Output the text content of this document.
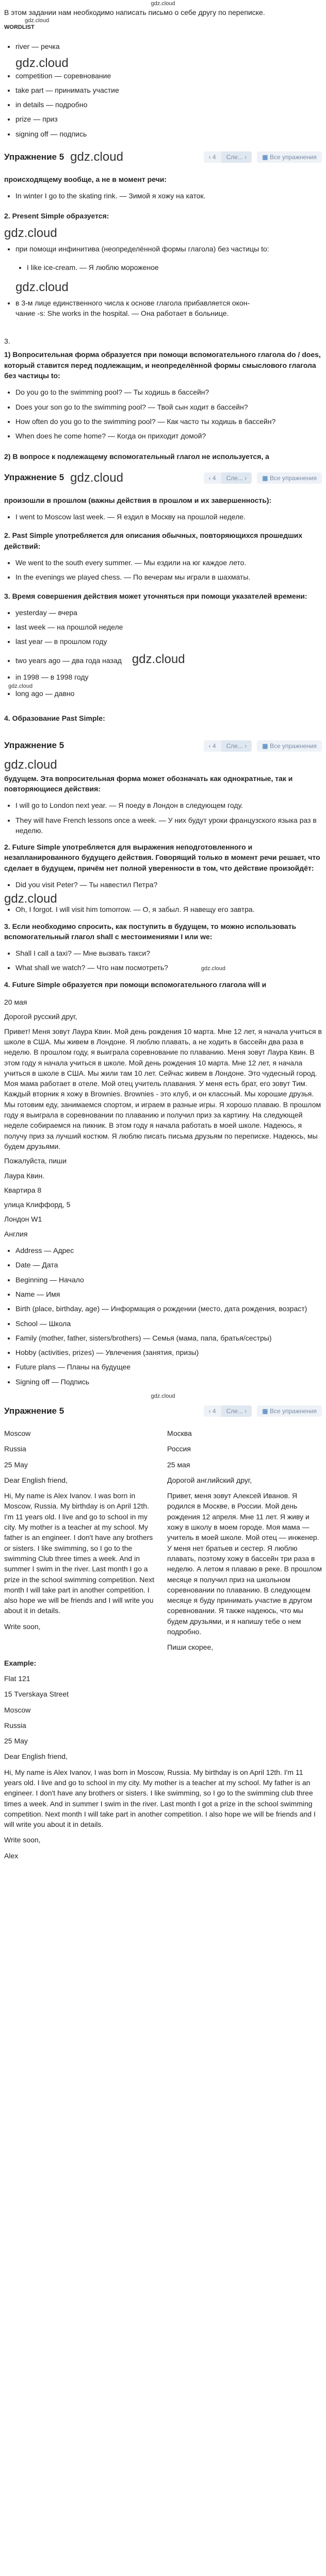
gdz.cloud

В этом задании нам необходимо написать письмо о себе другу по переписке.

gdz.cloud
WORDLIST
• river — речка
gdz.cloud
• competition — соревнование
• take part — принимать участие
• in details — подробно
• prize — приз
• signing off — подпись
Упражнение 5 gdz.cloud	‹ 4	Сле... ›	▦ Все упражнения

происходящему вообще, а не в момент речи:

• In winter I go to the skating rink. — Зимой я хожу на каток.

2. Present Simple образуется:

gdz.cloud
• при помощи инфинитива (неопределённой формы глагола) без частицы to:
• I like ice-cream. — Я люблю мороженое
gdz.cloud
• в 3-м лице единственного числа к основе глагола прибавляется окон-
чание -s: She works in the hospital. — Она работает в больнице.

3.

1) Вопросительная форма образуется при помощи вспомогательного глагола do / does, который ставится перед подлежащим, и неопределённой формы смыслового глагола без частицы to:

• Do you go to the swimming pool? — Ты ходишь в бассейн?
• Does your son go to the swimming pool? — Твой сын ходит в бассейн?
• How often do you go to the swimming pool? — Как часто ты ходишь в бассейн?
• When does he come home? — Когда он приходит домой?

2) В вопросе к подлежащему вспомогательный глагол не используется, а

Упражнение 5 gdz.cloud	‹ 4	Сле... ›	▦ Все упражнения

произошли в прошлом (важны действия в прошлом и их завершенность):

• I went to Moscow last week. — Я ездил в Москву на прошлой неделе.

2. Past Simple употребляется для описания обычных, повторяющихся прошедших действий:

• We went to the south every summer. — Мы ездили на юг каждое лето.
• In the evenings we played chess. — По вечерам мы играли в шахматы.

3. Время совершения действия может уточняться при помощи указателей времени:

• yesterday — вчера
• last week — на прошлой неделе
• last year — в прошлом году
• two years ago — два года назад gdz.cloud
• in 1998 — в 1998 году
gdz.cloud
• long ago — давно

4. Образование Past Simple:

Упражнение 5	‹ 4	Сле... ›	▦ Все упражнения
gdz.cloud

будущем. Эта вопросительная форма может обозначать как однократные, так и повторяющиеся действия:

• I will go to London next year. — Я поеду в Лондон в следующем году.
• They will have French lessons once a week. — У них будут уроки французского языка раз в неделю.

2. Future Simple употребляется для выражения неподготовленного и незапланированного будущего действия. Говорящий только в момент речи решает, что сделает в будущем, причём нет полной уверенности в том, что действие произойдёт:

• Did you visit Peter? — Ты навестил Петра?
gdz.cloud
• Oh, I forgot. I will visit him tomorrow. — О, я забыл. Я навещу его завтра.

3. Если необходимо спросить, как поступить в будущем, то можно использовать вспомогательный глагол shall с местоимениями I или we:

• Shall I call a taxi? — Мне вызвать такси?
• What shall we watch? — Что нам посмотреть?	gdz.cloud

4. Future Simple образуется при помощи вспомогательного глагола will и

20 мая

Дорогой русский друг,

Привет! Меня зовут Лаура Квин. Мой день рождения 10 марта. Мне 12 лет, я начала учиться в школе в США. Мы живем в Лондоне. Я люблю плавать, а не ходить в бассейн два раза в неделю. В прошлом году, я выиграла соревнование по плаванию. Меня зовут Лаура Квин. В этом году я начала учиться в школе. Мой день рождения 10 марта. Мне 12 лет, я начала учиться в школе в США. Мы жили там 10 лет. Сейчас живем в Лондоне. Это чудесный город. Моя мама работает в отеле. Мой отец учитель плавания. У меня есть брат, его зовут Тим. Каждый вторник я хожу в Brownies. Brownies - это клуб, и он классный. Мы хорошие друзья. Мы готовим еду, занимаемся спортом, и играем в разные игры. Я хорошо плаваю. В прошлом году я выиграла в соревновании по плаванию и получил приз за картину. На следующей неделе собираемся на пикник. В этом году я начала работать в моей школе. Надеюсь, я получу приз за лучший костюм. Я люблю писать письма друзьям по переписке. Надеюсь, мы будем друзьями.

Пожалуйста, пиши

Лаура Квин.

Квартира 8

улица Клиффорд, 5

Лондон W1

Англия

• Address — Адрес
• Date — Дата
• Beginning — Начало
• Name — Имя
• Birth (place, birthday, age) — Информация о рождении (место, дата рождения, возраст)
• School — Школа
• Family (mother, father, sisters/brothers) — Семья (мама, папа, братья/сестры)
• Hobby (activities, prizes) — Увлечения (занятия, призы)
• Future plans — Планы на будущее
• Signing off — Подпись
gdz.cloud
Упражнение 5	‹ 4	Сле... ›	▦ Все упражнения

Moscow

Russia

25 May

Dear English friend,

Hi, My name is Alex Ivanov. I was born in Moscow, Russia. My birthday is on April 12th. I'm 11 years old. I live and go to school in my city. My mother is a teacher at my school. My father is an engineer. I don't have any brothers or sisters. I like swimming, so I go to the swimming Club three times a week. And in summer I swim in the river. Last month I go a prize in the school swimming competition. Next month I will take part in another competition. I also hope we will be friends and I will write you about it in details.

Write soon,

Москва

Россия

25 мая

Дорогой английский друг,

Привет, меня зовут Алексей Иванов. Я родился в Москве, в России. Мой день рождения 12 апреля. Мне 11 лет. Я живу и хожу в школу в моем городе. Моя мама — учитель в моей школе. Мой отец — инженер. У меня нет братьев и сестер. Я люблю плавать, поэтому хожу в бассейн три раза в неделю. А летом я плаваю в реке. В прошлом месяце я получил приз на школьном соревновании по плаванию. В следующем месяце я буду принимать участие в другом соревновании. Я также надеюсь, что мы будем друзьями, и я напишу тебе о нем подробно.

Пиши скорее,

Example:

Flat 121

15 Tverskaya Street

Moscow

Russia

25 May

Dear English friend,

Hi, My name is Alex Ivanov, I was born in Moscow, Russia. My birthday is on April 12th. I'm 11 years old. I live and go to school in my city. My mother is a teacher at my school. My father is an engineer. I don't have any brothers or sisters. I like swimming, so I go to the swimming club three times a week. And in summer I swim in the river. Last month I got a prize in the school swimming competition. Next month I will take part in another competition. I also hope we will be friends and I will write you about it in details.

Write soon,

Alex
